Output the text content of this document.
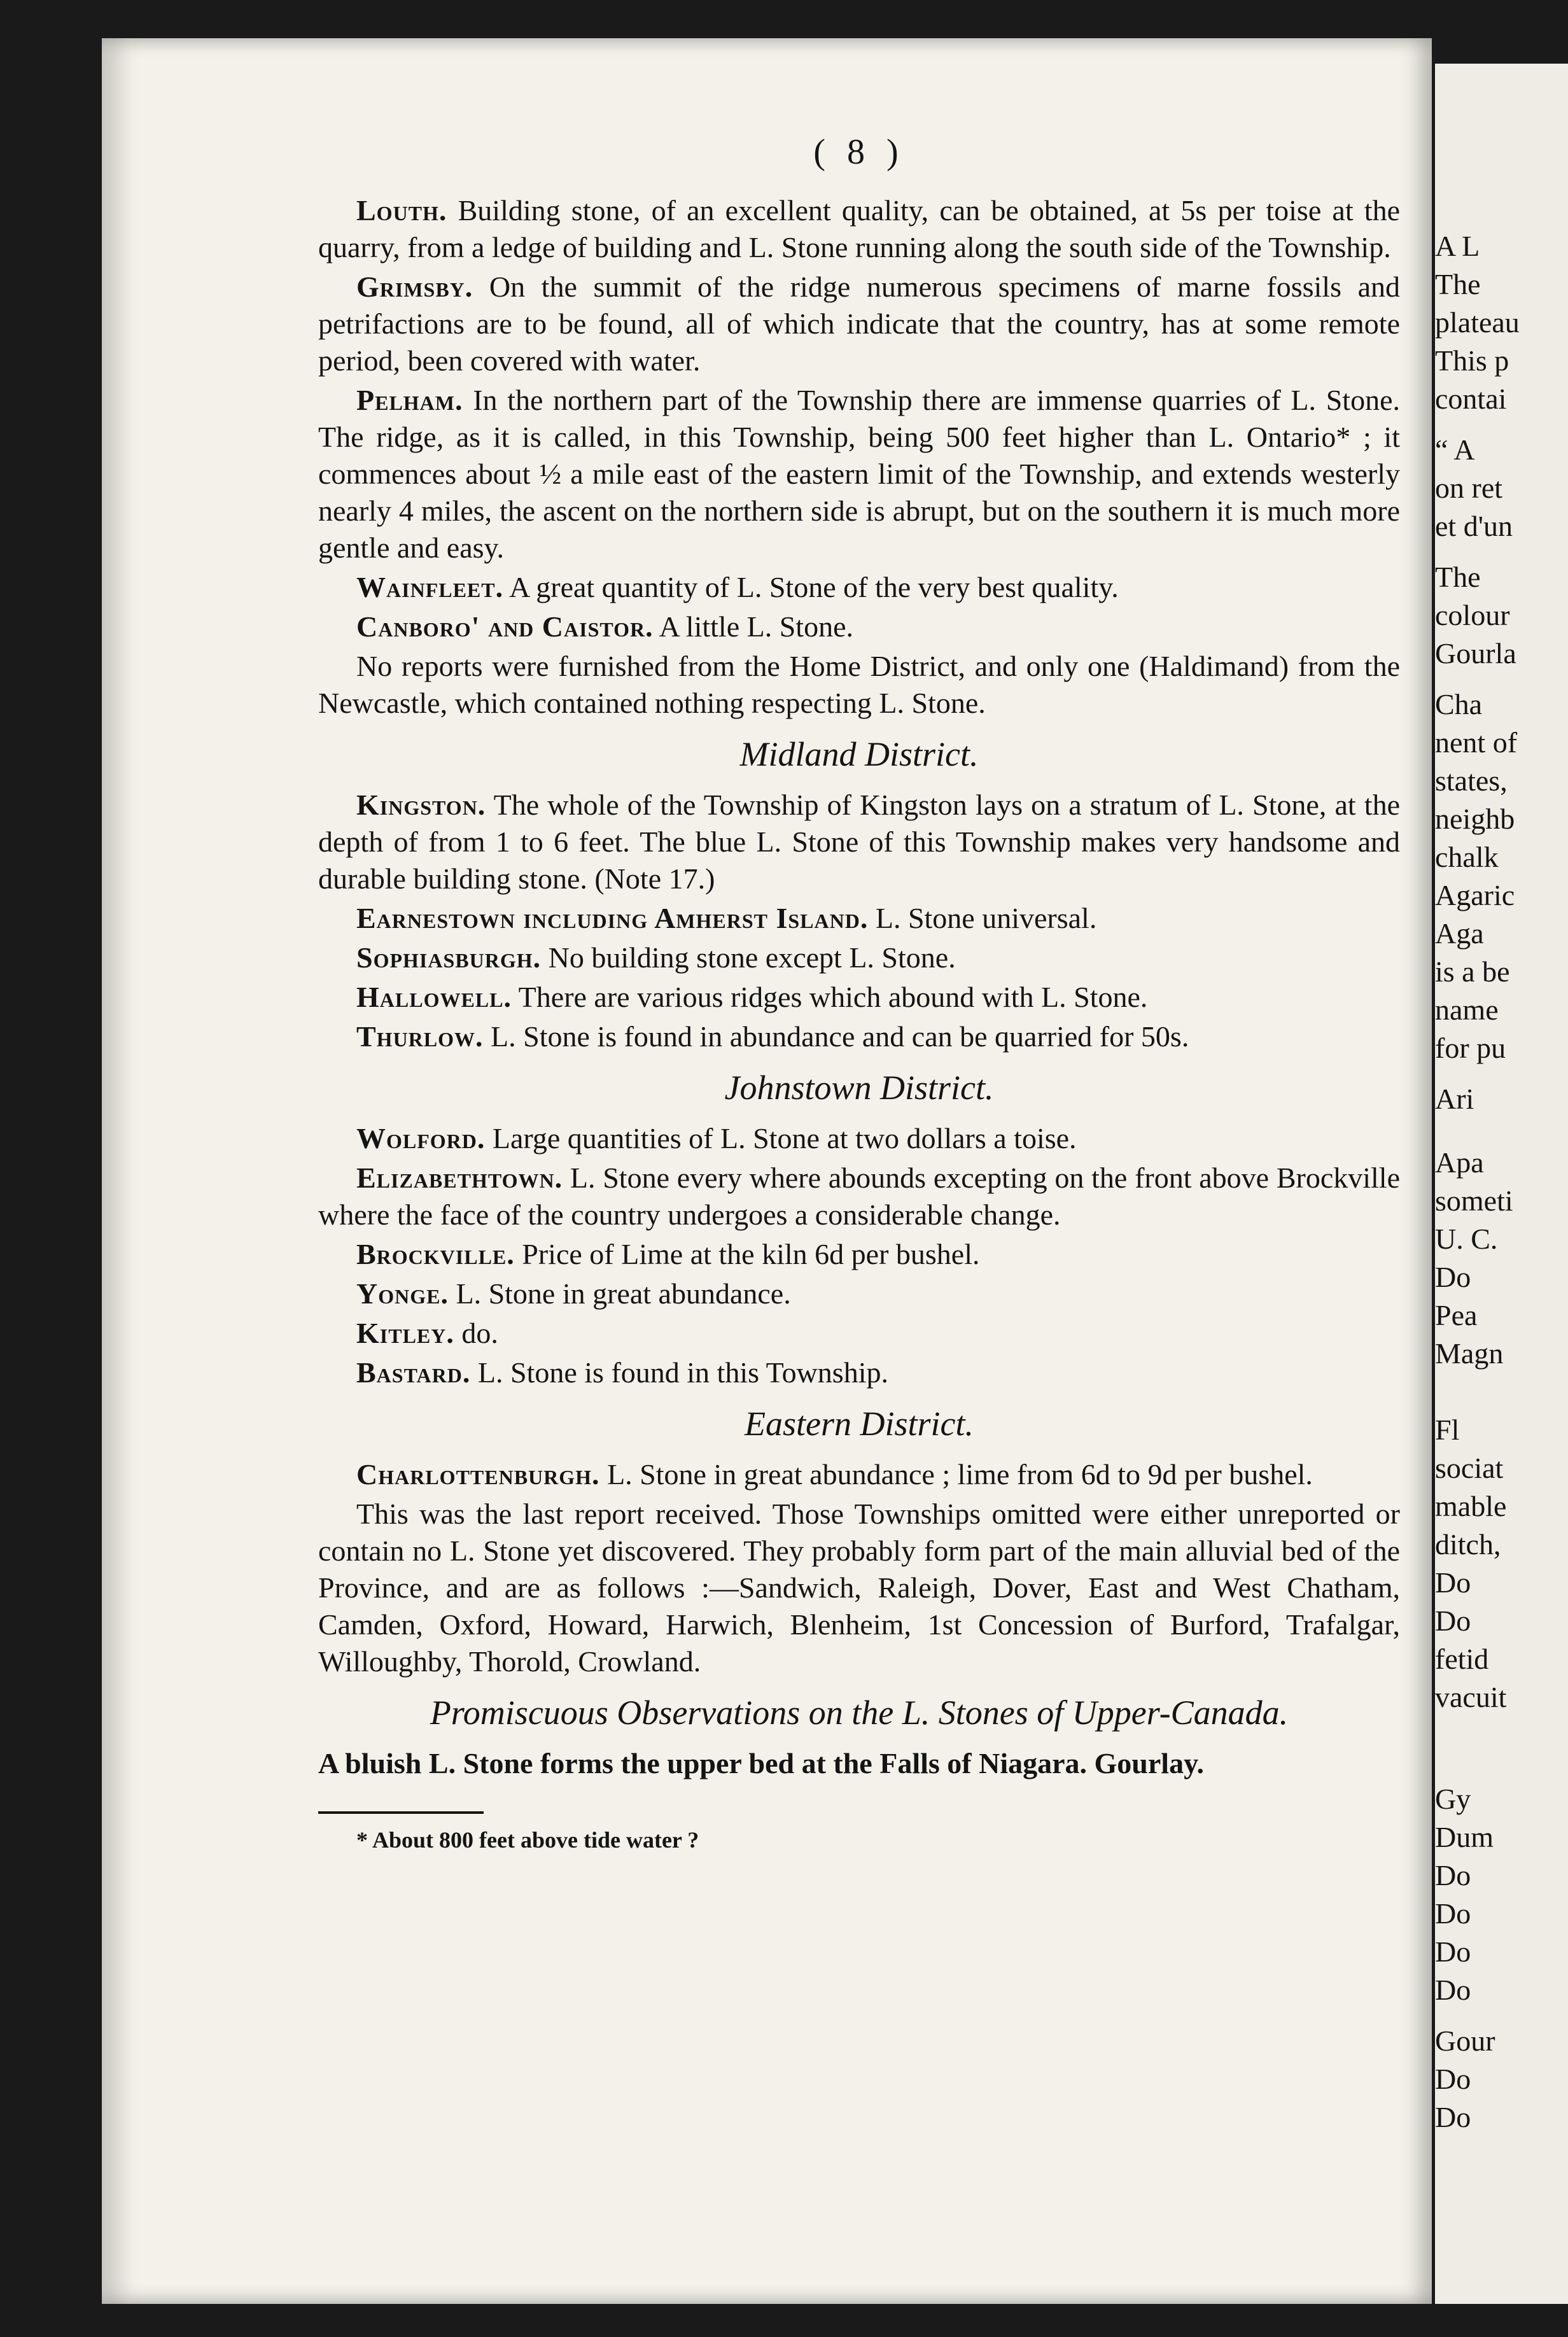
A L
The
plateau
This p
contai
“ A
on ret
et d'un
The
colour
Gourla
Cha
nent of
states,
neighb
chalk
Agaric
Aga
is a be
name
for pu
Ari
Apa
someti
U. C.
Do
Pea
Magn
Fl
sociat
mable
ditch,
Do
Do
fetid
vacuit
Gy
Dum
Do
Do
Do
Do
Gour
Do
Do
( 8 )

Louth. Building stone, of an excellent quality, can be obtained, at 5s per toise at the quarry, from a ledge of building and L. Stone running along the south side of the Township.

Grimsby. On the summit of the ridge numerous specimens of marne fossils and petrifactions are to be found, all of which indicate that the country, has at some remote period, been covered with water.

Pelham. In the northern part of the Township there are immense quarries of L. Stone. The ridge, as it is called, in this Township, being 500 feet higher than L. Ontario* ; it commences about ½ a mile east of the eastern limit of the Township, and extends westerly nearly 4 miles, the ascent on the northern side is abrupt, but on the southern it is much more gentle and easy.

Wainfleet. A great quantity of L. Stone of the very best quality.

Canboro' and Caistor. A little L. Stone.

No reports were furnished from the Home District, and only one (Haldimand) from the Newcastle, which contained nothing respecting L. Stone.

Midland District.

Kingston. The whole of the Township of Kingston lays on a stratum of L. Stone, at the depth of from 1 to 6 feet. The blue L. Stone of this Township makes very handsome and durable building stone. (Note 17.)

Earnestown including Amherst Island. L. Stone universal.

Sophiasburgh. No building stone except L. Stone.

Hallowell. There are various ridges which abound with L. Stone.

Thurlow. L. Stone is found in abundance and can be quarried for 50s.

Johnstown District.

Wolford. Large quantities of L. Stone at two dollars a toise.

Elizabethtown. L. Stone every where abounds excepting on the front above Brockville where the face of the country undergoes a considerable change.

Brockville. Price of Lime at the kiln 6d per bushel.

Yonge. L. Stone in great abundance.

Kitley. do.

Bastard. L. Stone is found in this Township.

Eastern District.

Charlottenburgh. L. Stone in great abundance ; lime from 6d to 9d per bushel.

This was the last report received. Those Townships omitted were either unreported or contain no L. Stone yet discovered. They probably form part of the main alluvial bed of the Province, and are as follows :—Sandwich, Raleigh, Dover, East and West Chatham, Camden, Oxford, Howard, Harwich, Blenheim, 1st Concession of Burford, Trafalgar, Willoughby, Thorold, Crowland.

Promiscuous Observations on the L. Stones of Upper-Canada.

A bluish L. Stone forms the upper bed at the Falls of Niagara. Gourlay.

* About 800 feet above tide water ?
